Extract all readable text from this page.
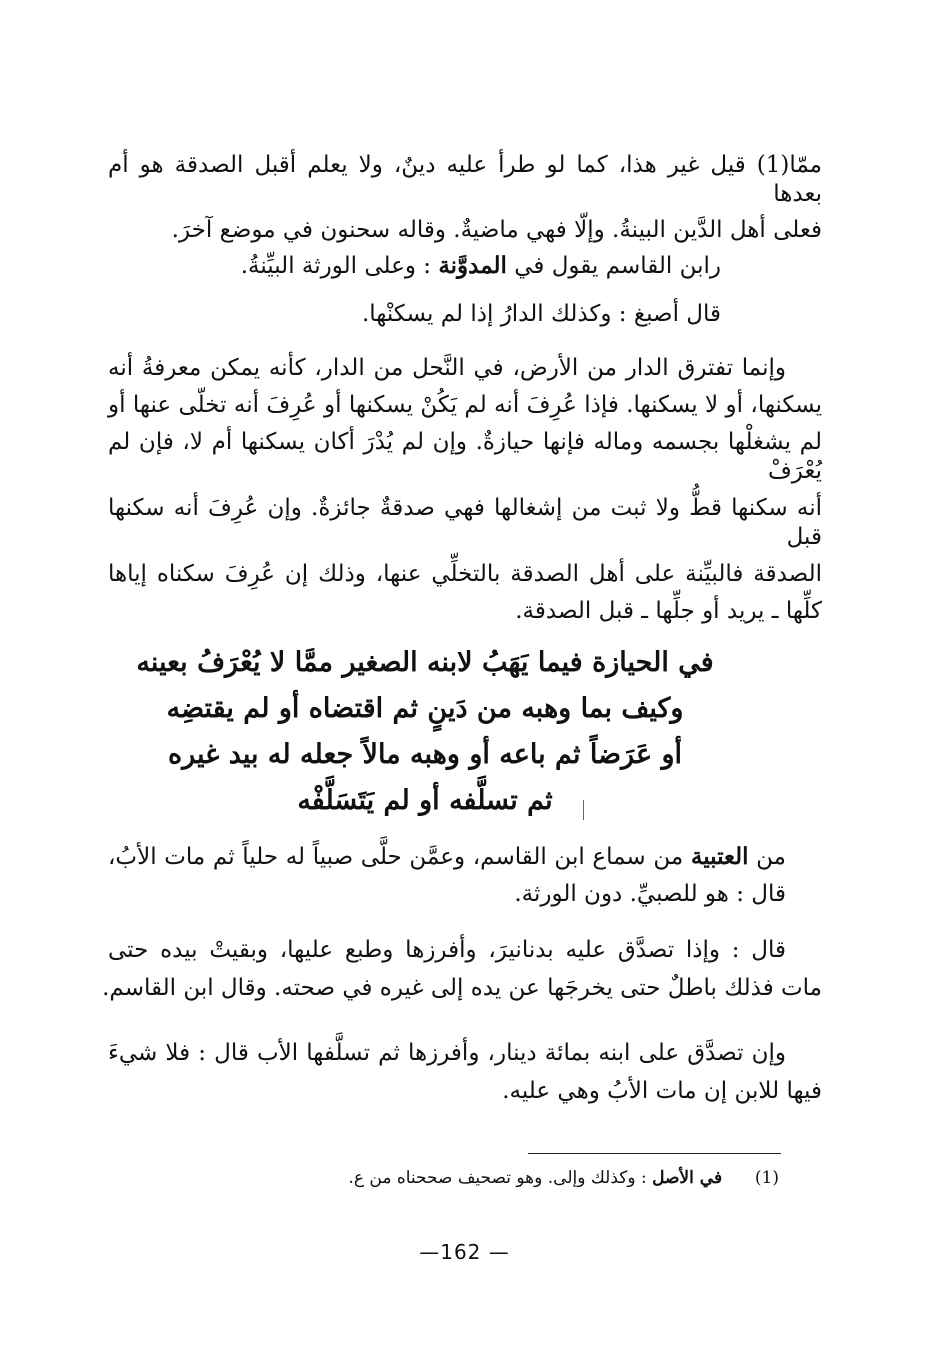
ممّا(1) قيل غير هذا، كما لو طرأ عليه دينٌ، ولا يعلم أقبل الصدقة هو أم بعدها
فعلى أهل الدَّين البينةُ. وإلّا فهي ماضيةٌ. وقاله سحنون في موضع آخرَ.
رابن القاسم يقول في المدوَّنة : وعلى الورثة البيِّنةُ.
قال أصبغ : وكذلك الدارُ إذا لم يسكنْها.
وإنما تفترق الدار من الأرض، في النَّحل من الدار، كأنه يمكن معرفةُ أنه
يسكنها، أو لا يسكنها. فإذا عُرِفَ أنه لم يَكُنْ يسكنها أو عُرِفَ أنه تخلّى عنها أو
لم يشغلْها بجسمه وماله فإنها حيازةٌ. وإن لم يُدْرَ أكان يسكنها أم لا، فإن لم يُعْرَفْ
أنه سكنها قطُّ ولا ثبت من إشغالها فهي صدقةٌ جائزةٌ. وإن عُرِفَ أنه سكنها قبل
الصدقة فالبيِّنة على أهل الصدقة بالتخلِّي عنها، وذلك إن عُرِفَ سكناه إياها
كلِّها ـ يريد أو جلِّها ـ قبل الصدقة.
في الحيازة فيما يَهَبُ لابنه الصغير ممَّا لا يُعْرَفُ بعينه
وكيف بما وهبه من دَينٍ ثم اقتضاه أو لم يقتضِه
أو عَرَضاً ثم باعه أو وهبه مالاً جعله له بيد غيره
ثم تسلَّفه أو لم يَتَسَلَّفْه
من العتبية من سماع ابن القاسم، وعمَّن حلَّى صبياً له حلياً ثم مات الأبُ،
قال : هو للصبيِّ. دون الورثة.
قال : وإذا تصدَّق عليه بدنانيرَ، وأفرزها وطبع عليها، وبقيتْ بيده حتى
مات فذلك باطلٌ حتى يخرجَها عن يده إلى غيره في صحته. وقال ابن القاسم.
وإن تصدَّق على ابنه بمائة دينار، وأفرزها ثم تسلَّفها الأب قال : فلا شيءَ
فيها للابن إن مات الأبُ وهي عليه.
(1)  في الأصل : وكذلك وإلى. وهو تصحيف صححناه من ع.
—162 —
